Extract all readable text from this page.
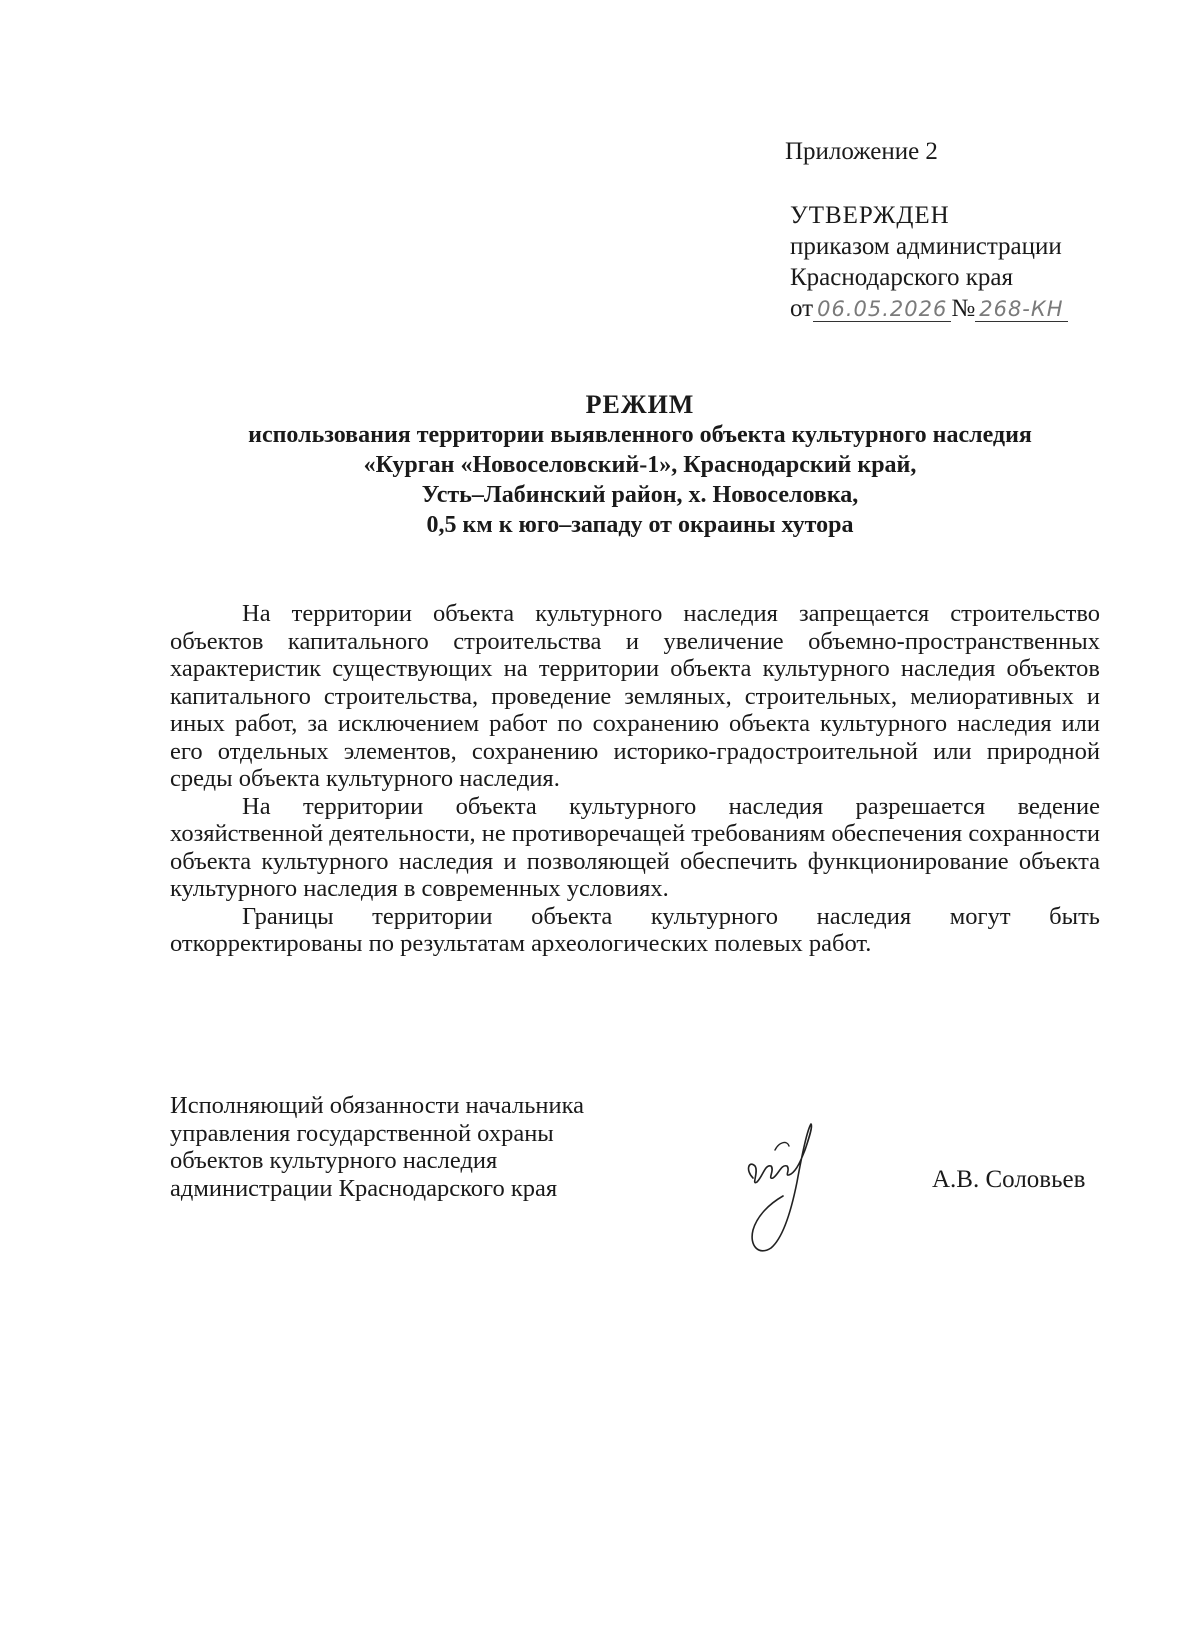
Приложение 2
УТВЕРЖДЕН
приказом администрации
Краснодарского края
от 06.05.2026 № 268-КН
РЕЖИМ
использования территории выявленного объекта культурного наследия
«Курган «Новоселовский-1», Краснодарский край,
Усть–Лабинский район, х. Новоселовка,
0,5 км к юго–западу от окраины хутора

На территории объекта культурного наследия запрещается строительство объектов капитального строительства и увеличение объемно-пространственных характеристик существующих на территории объекта культурного наследия объектов капитального строительства, проведение земляных, строительных, мелиоративных и иных работ, за исключением работ по сохранению объекта культурного наследия или его отдельных элементов, сохранению историко-градостроительной или природной среды объекта культурного наследия.

На территории объекта культурного наследия разрешается ведение хозяйственной деятельности, не противоречащей требованиям обеспечения сохранности объекта культурного наследия и позволяющей обеспечить функционирование объекта культурного наследия в современных условиях.

Границы территории объекта культурного наследия могут быть откорректированы по результатам археологических полевых работ.

Исполняющий обязанности начальника
управления государственной охраны
объектов культурного наследия
администрации Краснодарского края	А.В. Соловьев
